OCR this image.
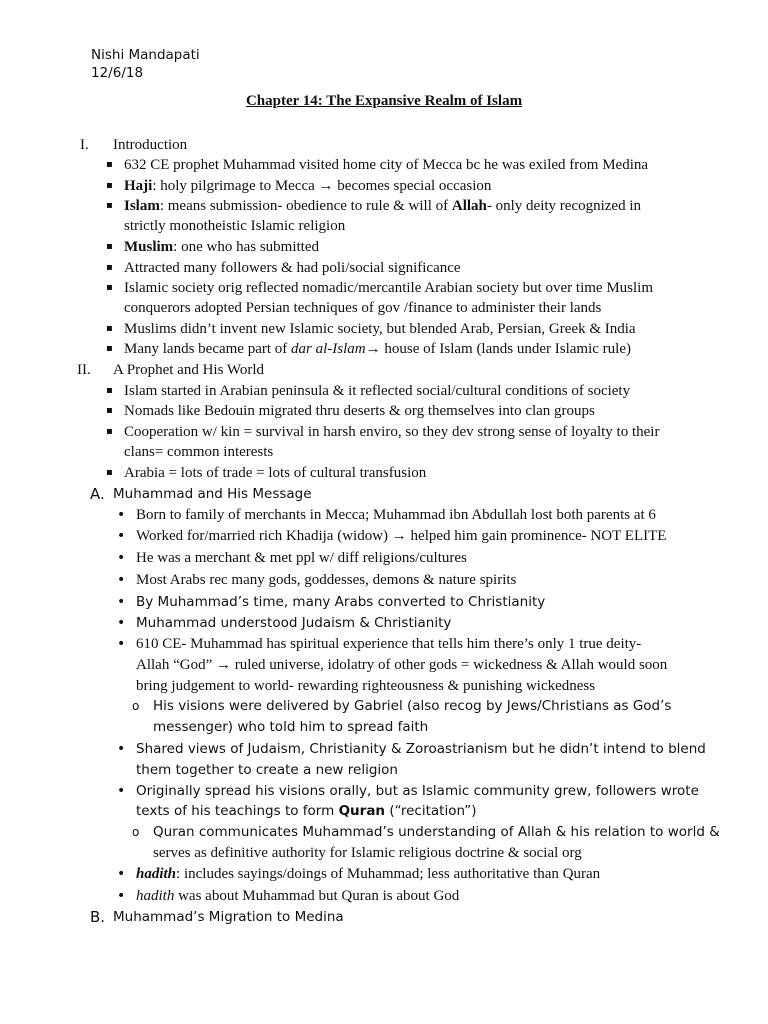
Nishi Mandapati
12/6/18
Chapter 14: The Expansive Realm of Islam
I. Introduction
▪ 632 CE prophet Muhammad visited home city of Mecca bc he was exiled from Medina
▪ Haji: holy pilgrimage to Mecca → becomes special occasion
▪ Islam: means submission- obedience to rule & will of Allah- only deity recognized in
strictly monotheistic Islamic religion
▪ Muslim: one who has submitted
▪ Attracted many followers & had poli/social significance
▪ Islamic society orig reflected nomadic/mercantile Arabian society but over time Muslim
conquerors adopted Persian techniques of gov /finance to administer their lands
▪ Muslims didn’t invent new Islamic society, but blended Arab, Persian, Greek & India
▪ Many lands became part of dar al-Islam→ house of Islam (lands under Islamic rule)
II. A Prophet and His World
▪ Islam started in Arabian peninsula & it reflected social/cultural conditions of society
▪ Nomads like Bedouin migrated thru deserts & org themselves into clan groups
▪ Cooperation w/ kin = survival in harsh enviro, so they dev strong sense of loyalty to their
clans= common interests
▪ Arabia = lots of trade = lots of cultural transfusion
A. Muhammad and His Message
• Born to family of merchants in Mecca; Muhammad ibn Abdullah lost both parents at 6
• Worked for/married rich Khadija (widow) → helped him gain prominence- NOT ELITE
• He was a merchant & met ppl w/ diff religions/cultures
• Most Arabs rec many gods, goddesses, demons & nature spirits
• By Muhammad’s time, many Arabs converted to Christianity
• Muhammad understood Judaism & Christianity
• 610 CE- Muhammad has spiritual experience that tells him there’s only 1 true deity-
Allah “God” → ruled universe, idolatry of other gods = wickedness & Allah would soon
bring judgement to world- rewarding righteousness & punishing wickedness
o His visions were delivered by Gabriel (also recog by Jews/Christians as God’s
messenger) who told him to spread faith
• Shared views of Judaism, Christianity & Zoroastrianism but he didn’t intend to blend
them together to create a new religion
• Originally spread his visions orally, but as Islamic community grew, followers wrote
texts of his teachings to form Quran (“recitation”)
o Quran communicates Muhammad’s understanding of Allah & his relation to world &
serves as definitive authority for Islamic religious doctrine & social org
• hadith: includes sayings/doings of Muhammad; less authoritative than Quran
• hadith was about Muhammad but Quran is about God
B. Muhammad’s Migration to Medina
